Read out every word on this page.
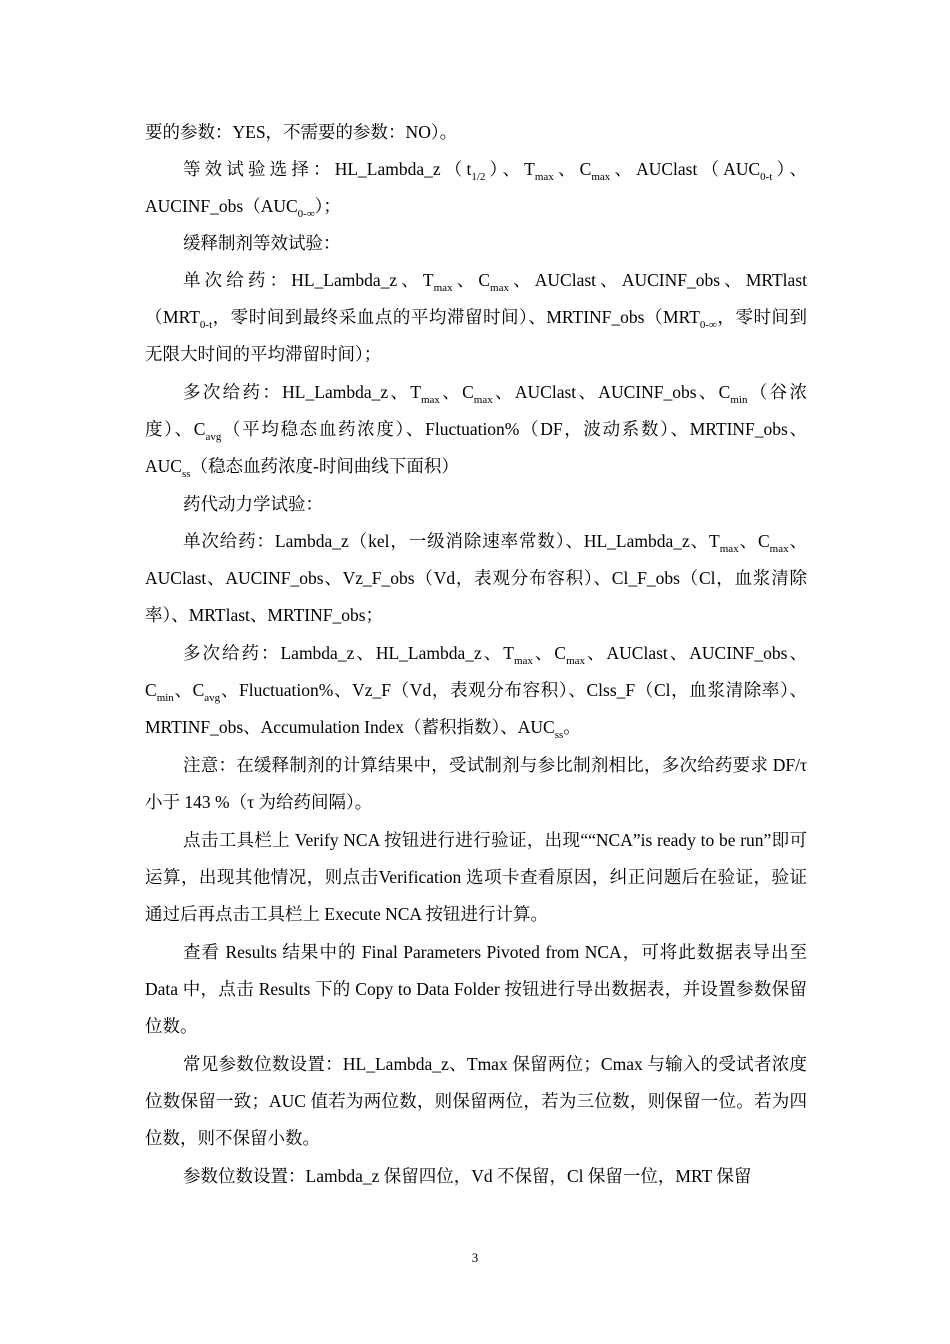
要的参数：YES，不需要的参数：NO）。

等效试验选择：$HL\_Lambda\_z(t_{1/2})$、$T_{max}$、$C_{max}$、$AUClast(AUC_{0-t})$、$AUCINF\_obs(AUC_{0-\infty})$；

缓释制剂等效试验：

单次给药：HL_Lambda_z、$T_{max}$、$C_{max}$、AUClast、AUCINF_obs、$MRTlast(MRT_{0-t}$，零时间到最终采血点的平均滞留时间）、$MRTINF\_obs(MRT_{0-\infty}$，零时间到无限大时间的平均滞留时间）；

多次给药：HL_Lambda_z、$T_{max}$、$C_{max}$、AUClast、AUCINF_obs、$C_{min}$（谷浓度）、$C_{avg}$（平均稳态血药浓度）、Fluctuation%（DF，波动系数）、MRTINF_obs、$AUC_{ss}$（稳态血药浓度-时间曲线下面积）

药代动力学试验：

单次给药：Lambda_z（kel，一级消除速率常数）、HL_Lambda_z、$T_{max}$、$C_{max}$、AUClast、AUCINF_obs、Vz_F_obs（Vd，表观分布容积）、Cl_F_obs（Cl，血浆清除率）、MRTlast、MRTINF_obs；

多次给药：Lambda_z、HL_Lambda_z、$T_{max}$、$C_{max}$、AUClast、AUCINF_obs、$C_{min}$、$C_{avg}$、Fluctuation%、Vz_F（Vd，表观分布容积）、Clss_F（Cl，血浆清除率）、MRTINF_obs、Accumulation Index（蓄积指数）、$AUC_{ss}$。

注意：在缓释制剂的计算结果中，受试制剂与参比制剂相比，多次给药要求 DF/τ 小于 143 %（τ 为给药间隔）。

点击工具栏上 Verify NCA 按钮进行进行验证，出现““NCA”is ready to be run”即可运算，出现其他情况，则点击Verification 选项卡查看原因，纠正问题后在验证，验证通过后再点击工具栏上 Execute NCA 按钮进行计算。

查看 Results 结果中的 Final Parameters Pivoted from NCA，可将此数据表导出至 Data 中，点击 Results 下的 Copy to Data Folder 按钮进行导出数据表，并设置参数保留位数。

常见参数位数设置：HL_Lambda_z、Tmax 保留两位；Cmax 与输入的受试者浓度位数保留一致；AUC 值若为两位数，则保留两位，若为三位数，则保留一位。若为四位数，则不保留小数。

参数位数设置：Lambda_z 保留四位，Vd 不保留，Cl 保留一位，MRT 保留

3
